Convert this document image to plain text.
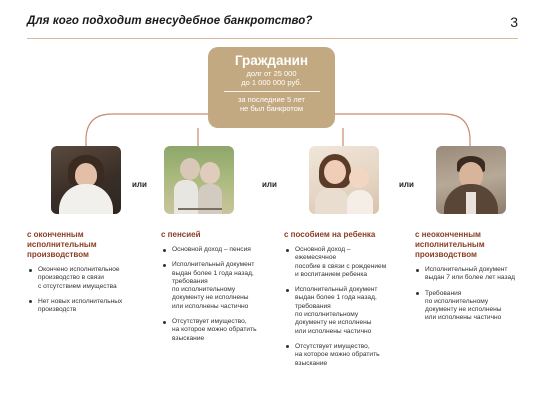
Для кого подходит внесудебное банкротство?	3
Гражданин
долг от 25 000
до 1 000 000 руб.
за последние 5 лет
не был банкротом
или	или	или
с оконченным
исполнительным
производством
Окончено исполнительное
производство в связи
с отсутствием имущества
Нет новых исполнительных
производств
с пенсией
Основной доход – пенсия
Исполнительный документ
выдан более 1 года назад,
требования
по исполнительному
документу не исполнены
или исполнены частично
Отсутствует имущество,
на которое можно обратить
взыскание
с пособием на ребенка
Основной доход –
ежемесячное
пособие в связи с рождением
и воспитанием ребенка
Исполнительный документ
выдан более 1 года назад,
требования
по исполнительному
документу не исполнены
или исполнены частично
Отсутствует имущество,
на которое можно обратить
взыскание
с неоконченным
исполнительным
производством
Исполнительный документ
выдан 7 или более лет назад
Требования
по исполнительному
документу не исполнены
или исполнены частично
